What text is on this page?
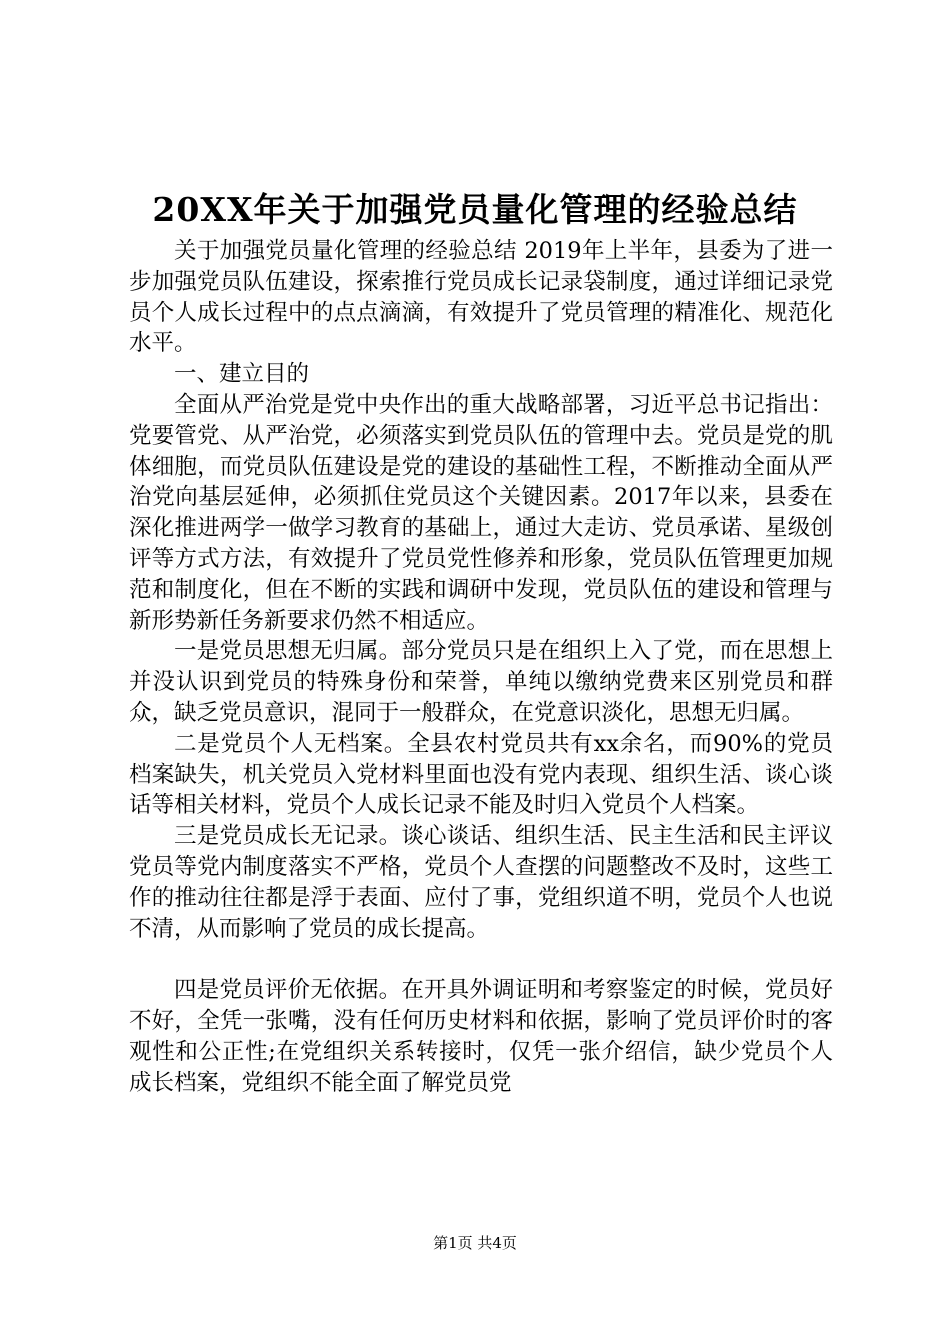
20XX年关于加强党员量化管理的经验总结

关于加强党员量化管理的经验总结 2019年上半年，县委为了进一步加强党员队伍建设，探索推行党员成长记录袋制度，通过详细记录党员个人成长过程中的点点滴滴，有效提升了党员管理的精准化、规范化水平。

一、建立目的

全面从严治党是党中央作出的重大战略部署，习近平总书记指出：党要管党、从严治党，必须落实到党员队伍的管理中去。党员是党的肌体细胞，而党员队伍建设是党的建设的基础性工程，不断推动全面从严治党向基层延伸，必须抓住党员这个关键因素。2017年以来，县委在深化推进两学一做学习教育的基础上，通过大走访、党员承诺、星级创评等方式方法，有效提升了党员党性修养和形象，党员队伍管理更加规范和制度化，但在不断的实践和调研中发现，党员队伍的建设和管理与新形势新任务新要求仍然不相适应。

一是党员思想无归属。部分党员只是在组织上入了党，而在思想上并没认识到党员的特殊身份和荣誉，单纯以缴纳党费来区别党员和群众，缺乏党员意识，混同于一般群众，在党意识淡化，思想无归属。

二是党员个人无档案。全县农村党员共有xx余名，而90%的党员档案缺失，机关党员入党材料里面也没有党内表现、组织生活、谈心谈话等相关材料，党员个人成长记录不能及时归入党员个人档案。

三是党员成长无记录。谈心谈话、组织生活、民主生活和民主评议党员等党内制度落实不严格，党员个人查摆的问题整改不及时，这些工作的推动往往都是浮于表面、应付了事，党组织道不明，党员个人也说不清，从而影响了党员的成长提高。

四是党员评价无依据。在开具外调证明和考察鉴定的时候，党员好不好，全凭一张嘴，没有任何历史材料和依据，影响了党员评价时的客观性和公正性;在党组织关系转接时，仅凭一张介绍信，缺少党员个人成长档案，党组织不能全面了解党员党

第1页 共4页
